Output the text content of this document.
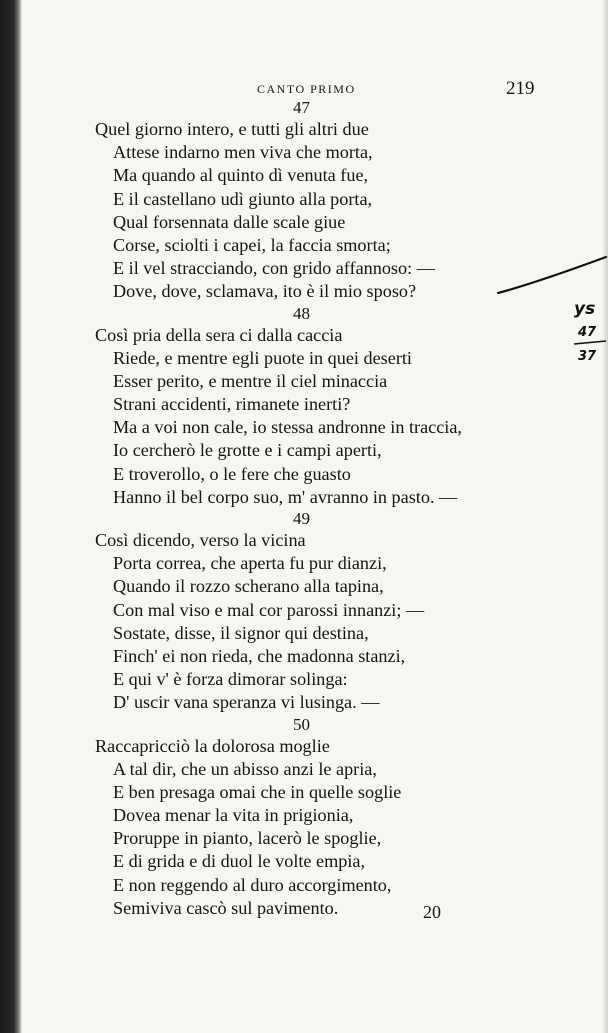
CANTO PRIMO	219
47
Quel giorno intero, e tutti gli altri due
Attese indarno men viva che morta,
Ma quando al quinto dì venuta fue,
E il castellano udì giunto alla porta,
Qual forsennata dalle scale giue
Corse, sciolti i capei, la faccia smorta;
E il vel stracciando, con grido affannoso: —
Dove, dove, sclamava, ito è il mio sposo?
48
Così pria della sera ci dalla caccia
Riede, e mentre egli puote in quei deserti
Esser perito, e mentre il ciel minaccia
Strani accidenti, rimanete inerti?
Ma a voi non cale, io stessa andronne in traccia,
Io cercherò le grotte e i campi aperti,
E troverollo, o le fere che guasto
Hanno il bel corpo suo, m' avranno in pasto. —
49
Così dicendo, verso la vicina
Porta correa, che aperta fu pur dianzi,
Quando il rozzo scherano alla tapina,
Con mal viso e mal cor parossi innanzi; —
Sostate, disse, il signor qui destina,
Finch' ei non rieda, che madonna stanzi,
E qui v' è forza dimorar solinga:
D' uscir vana speranza vi lusinga. —
50
Raccapricciò la dolorosa moglie
A tal dir, che un abisso anzi le apria,
E ben presaga omai che in quelle soglie
Dovea menar la vita in prigionia,
Proruppe in pianto, lacerò le spoglie,
E di grida e di duol le volte empia,
E non reggendo al duro accorgimento,
Semiviva cascò sul pavimento.	20
ys
47
37
